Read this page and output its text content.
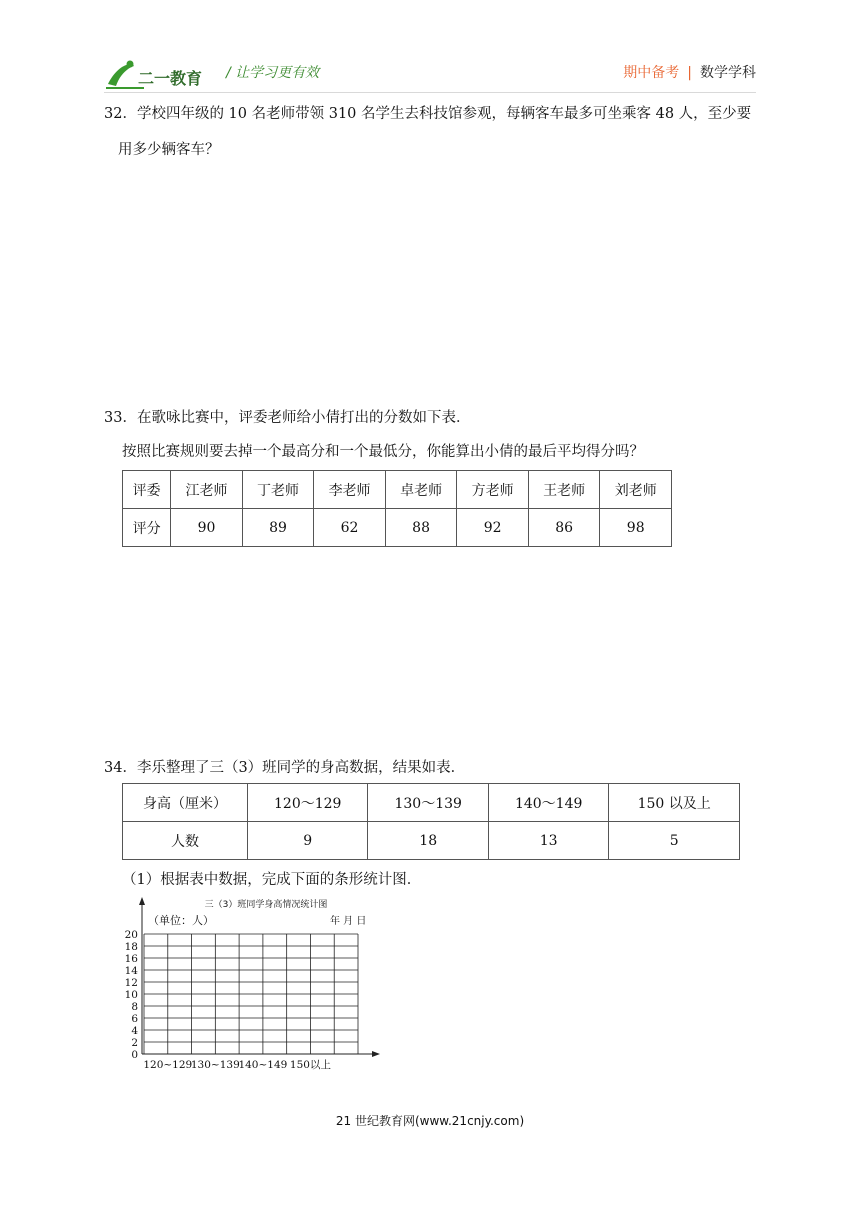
二一教育 / 让学习更有效	期中备考 | 数学学科
32．学校四年级的 10 名老师带领 310 名学生去科技馆参观，每辆客车最多可坐乘客 48 人，至少要
用多少辆客车？
33．在歌咏比赛中，评委老师给小倩打出的分数如下表．
按照比赛规则要去掉一个最高分和一个最低分，你能算出小倩的最后平均得分吗？
评委	江老师	丁老师	李老师	卓老师	方老师	王老师	刘老师
评分	90	89	62	88	92	86	98
34．李乐整理了三（3）班同学的身高数据，结果如表．
身高（厘米）	120～129	130～139	140～149	150 以及上
人数	9	18	13	5
（1）根据表中数据，完成下面的条形统计图．
三（3）班同学身高情况统计图
（单位：人）	年 月 日
0
2
4
6
8
10
12
14
16
18
20
120~129
130~139
140~149 150以上
21 世纪教育网(www.21cnjy.com)
